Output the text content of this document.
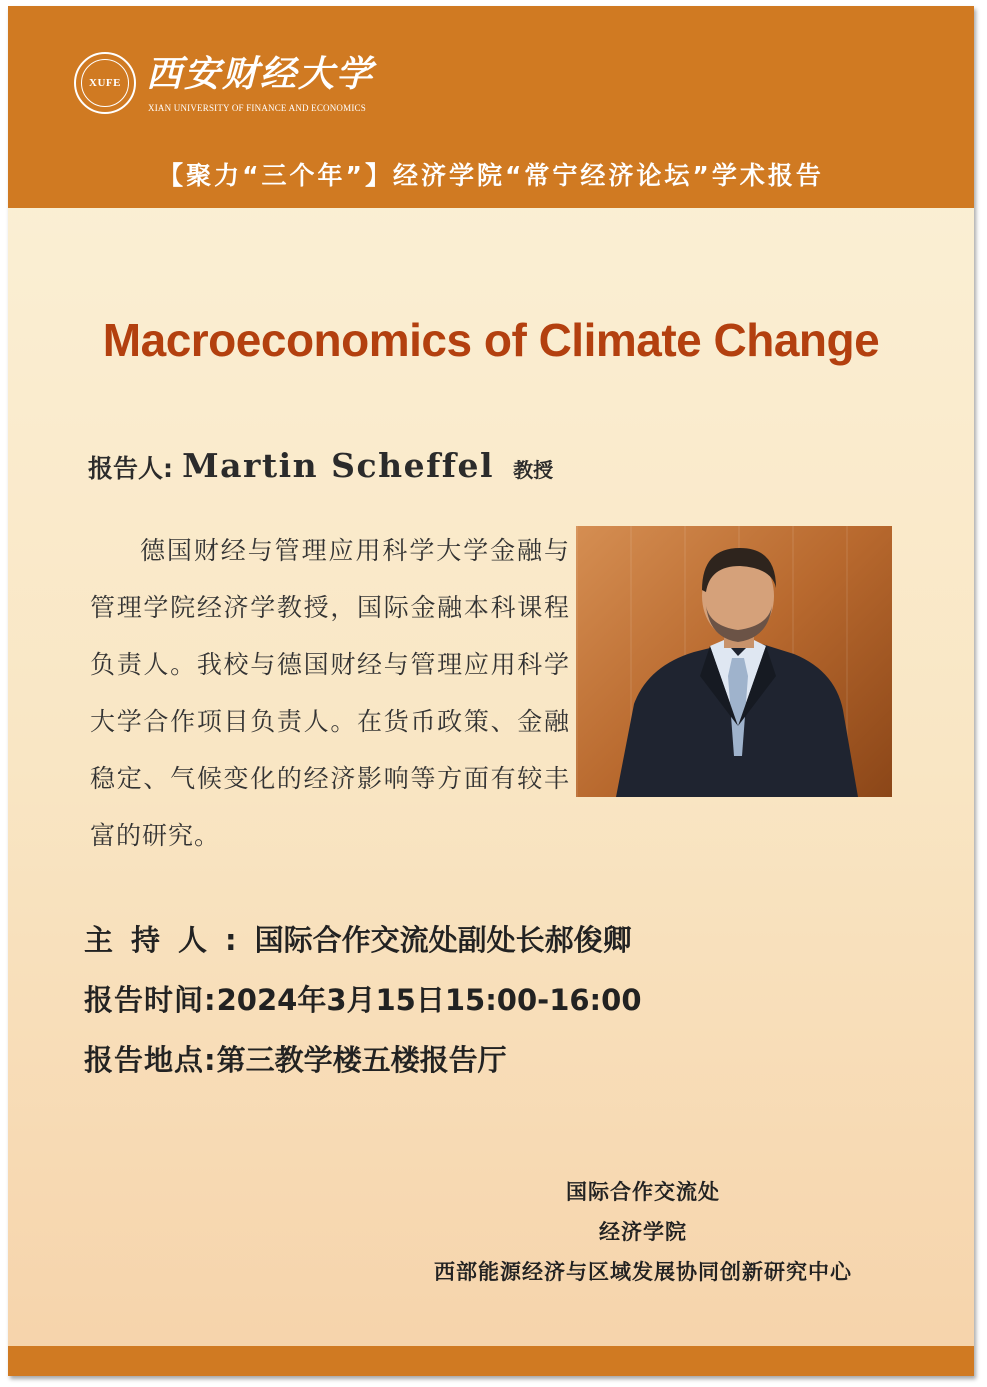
XUFE 西安财经大学
XIAN UNIVERSITY OF FINANCE AND ECONOMICS
【聚力“三个年”】经济学院“常宁经济论坛”学术报告
Macroeconomics of Climate Change
报告人: Martin Scheffel 教授

德国财经与管理应用科学大学金融与管理学院经济学教授，国际金融本科课程负责人。我校与德国财经与管理应用科学大学合作项目负责人。在货币政策、金融稳定、气候变化的经济影响等方面有较丰富的研究。

主持人:国际合作交流处副处长郝俊卿
报告时间:2024年3月15日15:00-16:00
报告地点:第三教学楼五楼报告厅
国际合作交流处
经济学院
西部能源经济与区域发展协同创新研究中心
